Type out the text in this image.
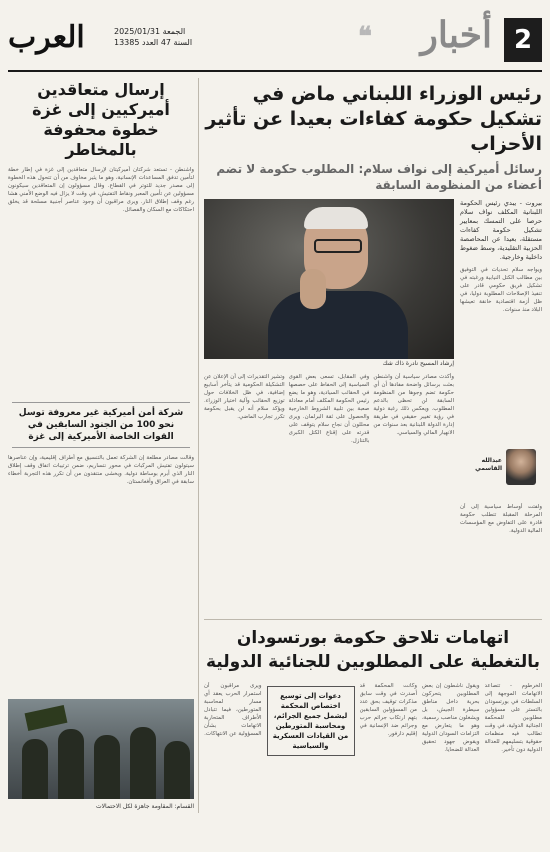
2
أخبار
❝
العرب	2025/01/31 الجمعة
السنة 47 العدد 13385
إرسال متعاقدين أميركيين إلى غزة خطوة محفوفة بالمخاطر
واشنطن - تستعد شركتان أميركيتان لإرسال متعاقدين إلى غزة في إطار خطة لتأمين تدفق المساعدات الإنسانية، وهو ما يثير مخاوف من أن تتحول هذه الخطوة إلى مصدر جديد للتوتر في القطاع. وقال مسؤولون إن المتعاقدين سيكونون مسؤولين عن تأمين المعبر ونقاط التفتيش، في وقت لا يزال فيه الوضع الأمني هشا رغم وقف إطلاق النار. ويرى مراقبون أن وجود عناصر أجنبية مسلحة قد يخلق احتكاكات مع السكان والفصائل.
شركة أمن أميركية غير معروفة توسل نحو 100 من الجنود السابقين في القوات الخاصة الأميركية إلى غزة
وقالت مصادر مطلعة إن الشركة تعمل بالتنسيق مع أطراف إقليمية، وإن عناصرها سيتولون تفتيش المركبات في محور نتساريم، ضمن ترتيبات اتفاق وقف إطلاق النار الذي أبرم بوساطة دولية. ويخشى منتقدون من أن تكرر هذه التجربة أخطاء سابقة في العراق وأفغانستان.
القسام: المقاومة جاهزة لكل الاحتمالات
رئيس الوزراء اللبناني ماض في تشكيل حكومة كفاءات بعيدا عن تأثير الأحزاب
رسائل أميركية إلى نواف سلام: المطلوب حكومة لا تضم أعضاء من المنظومة السابقة
بيروت - يبدي رئيس الحكومة اللبنانية المكلف نواف سلام حرصا على التمسك بمعايير تشكيل حكومة كفاءات مستقلة، بعيدا عن المحاصصة الحزبية التقليدية، وسط ضغوط داخلية وخارجية.
ويواجه سلام تحديات في التوفيق بين مطالب الكتل النيابية ورغبته في تشكيل فريق حكومي قادر على تنفيذ الإصلاحات المطلوبة دوليا، في ظل أزمة اقتصادية خانقة تعيشها البلاد منذ سنوات.
إرشاد المسيح نادرة ذاك شك
عبدالله القاسمي
وأكدت مصادر سياسية أن واشنطن بعثت برسائل واضحة مفادها أن أي حكومة تضم وجوها من المنظومة السابقة لن تحظى بالدعم المطلوب. ويعكس ذلك رغبة دولية في رؤية تغيير حقيقي في طريقة إدارة الدولة اللبنانية بعد سنوات من الانهيار المالي والسياسي.
وفي المقابل، تسعى بعض القوى السياسية إلى الحفاظ على حصصها في الحقائب السيادية، وهو ما يضع رئيس الحكومة المكلف أمام معادلة صعبة بين تلبية الشروط الخارجية والحصول على ثقة البرلمان. ويرى محللون أن نجاح سلام يتوقف على قدرته على إقناع الكتل الكبرى بالتنازل.
وتشير التقديرات إلى أن الإعلان عن التشكيلة الحكومية قد يتأخر أسابيع إضافية، في ظل الخلافات حول توزيع الحقائب وآلية اختيار الوزراء. ويؤكد سلام أنه لن يقبل بحكومة تكرر تجارب الماضي.
ولفتت أوساط سياسية إلى أن المرحلة المقبلة تتطلب حكومة قادرة على التفاوض مع المؤسسات المالية الدولية.
اتهامات تلاحق حكومة بورتسودان بالتغطية على المطلوبين للجنائية الدولية
الخرطوم - تتصاعد الاتهامات الموجهة إلى السلطات في بورتسودان بالتستر على مسؤولين مطلوبين للمحكمة الجنائية الدولية، في وقت تطالب فيه منظمات حقوقية بتسليمهم للعدالة الدولية دون تأخير.
ويقول ناشطون إن بعض المطلوبين يتحركون بحرية داخل مناطق سيطرة الجيش، بل ويشغلون مناصب رسمية، وهو ما يتعارض مع التزامات السودان الدولية ويقوض جهود تحقيق العدالة للضحايا.
وكانت المحكمة قد أصدرت في وقت سابق مذكرات توقيف بحق عدد من المسؤولين السابقين بتهم ارتكاب جرائم حرب وجرائم ضد الإنسانية في إقليم دارفور.
دعوات إلى توسيع اختصاص المحكمة ليشمل جميع الجرائم، ومحاسبة المتورطين من القيادات العسكرية والسياسية
ويرى مراقبون أن استمرار الحرب يعقد أي مسار لمحاسبة المتورطين، فيما تتبادل الأطراف المتحاربة الاتهامات بشأن المسؤولية عن الانتهاكات.
